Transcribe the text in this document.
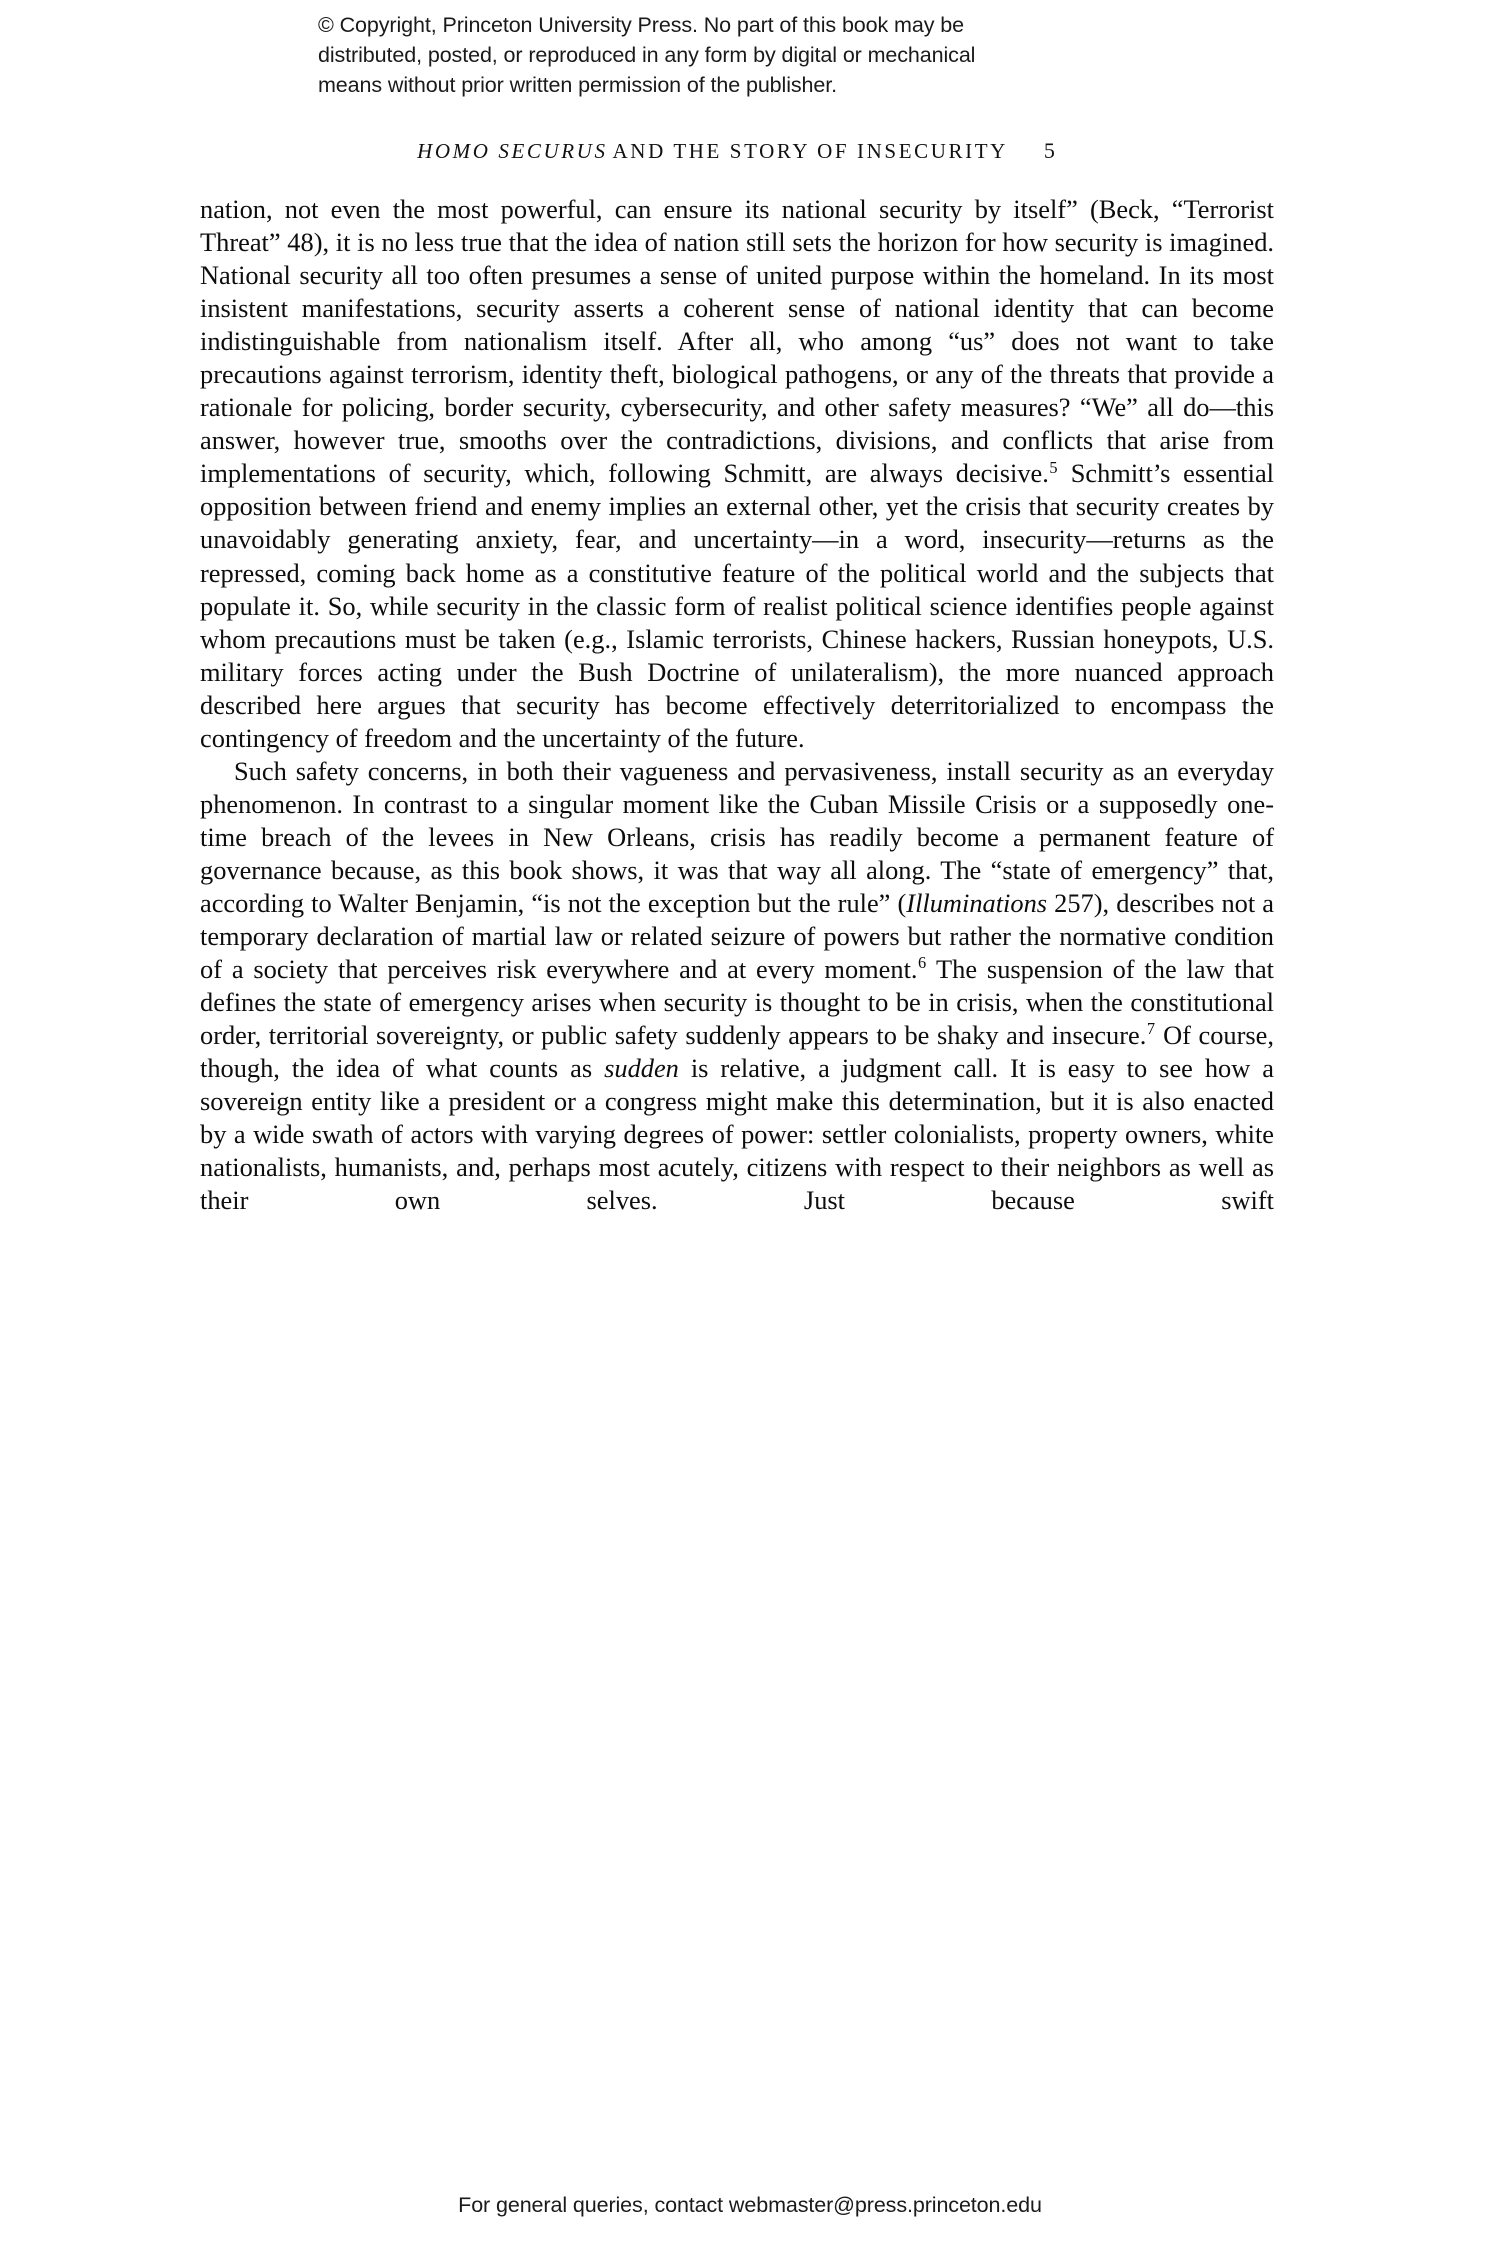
© Copyright, Princeton University Press. No part of this book may be
distributed, posted, or reproduced in any form by digital or mechanical
means without prior written permission of the publisher.
HOMO SECURUS AND THE STORY OF INSECURITY 5

nation, not even the most powerful, can ensure its national security by itself” (Beck, “Terrorist Threat” 48), it is no less true that the idea of nation still sets the horizon for how security is imagined. National security all too often presumes a sense of united purpose within the homeland. In its most insistent manifestations, security asserts a coherent sense of national identity that can become indistinguishable from nationalism itself. After all, who among “us” does not want to take precautions against terrorism, identity theft, biological pathogens, or any of the threats that provide a rationale for policing, border security, cybersecurity, and other safety measures? “We” all do—this answer, however true, smooths over the contradictions, divisions, and conflicts that arise from implementations of security, which, following Schmitt, are always decisive.$^5$ Schmitt’s essential opposition between friend and enemy implies an external other, yet the crisis that security creates by unavoidably generating anxiety, fear, and uncertainty—in a word, insecurity—returns as the repressed, coming back home as a constitutive feature of the political world and the subjects that populate it. So, while security in the classic form of realist political science identifies people against whom precautions must be taken (e.g., Islamic terrorists, Chinese hackers, Russian honeypots, U.S. military forces acting under the Bush Doctrine of unilateralism), the more nuanced approach described here argues that security has become effectively deterritorialized to encompass the contingency of freedom and the uncertainty of the future.

Such safety concerns, in both their vagueness and pervasiveness, install security as an everyday phenomenon. In contrast to a singular moment like the Cuban Missile Crisis or a supposedly one-time breach of the levees in New Orleans, crisis has readily become a permanent feature of governance because, as this book shows, it was that way all along. The “state of emergency” that, according to Walter Benjamin, “is not the exception but the rule” (Illuminations 257), describes not a temporary declaration of martial law or related seizure of powers but rather the normative condition of a society that perceives risk everywhere and at every moment.$^6$ The suspension of the law that defines the state of emergency arises when security is thought to be in crisis, when the constitutional order, territorial sovereignty, or public safety suddenly appears to be shaky and insecure.$^7$ Of course, though, the idea of what counts as sudden is relative, a judgment call. It is easy to see how a sovereign entity like a president or a congress might make this determination, but it is also enacted by a wide swath of actors with varying degrees of power: settler colonialists, property owners, white nationalists, humanists, and, perhaps most acutely, citizens with respect to their neighbors as well as their own selves. Just because swift

For general queries, contact webmaster@press.princeton.edu
